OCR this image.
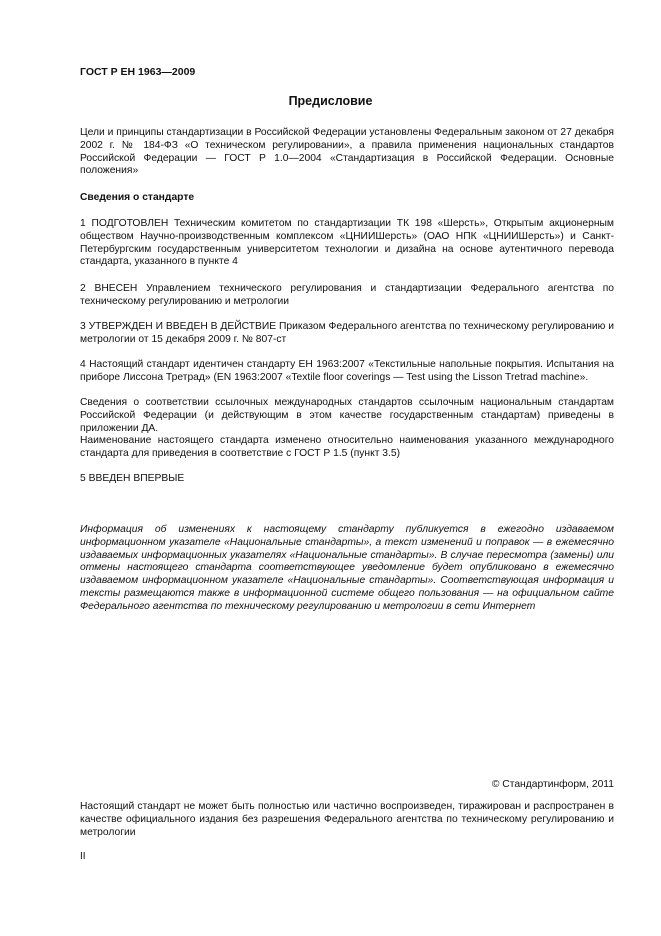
ГОСТ Р ЕН 1963—2009
Предисловие

Цели и принципы стандартизации в Российской Федерации установлены Федеральным законом от 27 декабря 2002 г. № 184-ФЗ «О техническом регулировании», а правила применения национальных стандартов Российской Федерации — ГОСТ Р 1.0—2004 «Стандартизация в Российской Федерации. Основные положения»

Сведения о стандарте

1 ПОДГОТОВЛЕН Техническим комитетом по стандартизации ТК 198 «Шерсть», Открытым акционерным обществом Научно-производственным комплексом «ЦНИИШерсть» (ОАО НПК «ЦНИИШерсть») и Санкт-Петербургским государственным университетом технологии и дизайна на основе аутентичного перевода стандарта, указанного в пункте 4

2 ВНЕСЕН Управлением технического регулирования и стандартизации Федерального агентства по техническому регулированию и метрологии

3 УТВЕРЖДЕН И ВВЕДЕН В ДЕЙСТВИЕ Приказом Федерального агентства по техническому регулированию и метрологии от 15 декабря 2009 г. № 807-ст

4 Настоящий стандарт идентичен стандарту ЕН 1963:2007 «Текстильные напольные покрытия. Испытания на приборе Лиссона Третрад» (EN 1963:2007 «Textile floor coverings — Test using the Lisson Tretrad machine».

Сведения о соответствии ссылочных международных стандартов ссылочным национальным стандартам Российской Федерации (и действующим в этом качестве государственным стандартам) приведены в приложении ДА.

Наименование настоящего стандарта изменено относительно наименования указанного международного стандарта для приведения в соответствие с ГОСТ Р 1.5 (пункт 3.5)

5 ВВЕДЕН ВПЕРВЫЕ

Информация об изменениях к настоящему стандарту публикуется в ежегодно издаваемом информационном указателе «Национальные стандарты», а текст изменений и поправок — в ежемесячно издаваемых информационных указателях «Национальные стандарты». В случае пересмотра (замены) или отмены настоящего стандарта соответствующее уведомление будет опубликовано в ежемесячно издаваемом информационном указателе «Национальные стандарты». Соответствующая информация и тексты размещаются также в информационной системе общего пользования — на официальном сайте Федерального агентства по техническому регулированию и метрологии в сети Интернет

© Стандартинформ, 2011

Настоящий стандарт не может быть полностью или частично воспроизведен, тиражирован и распространен в качестве официального издания без разрешения Федерального агентства по техническому регулированию и метрологии

II
